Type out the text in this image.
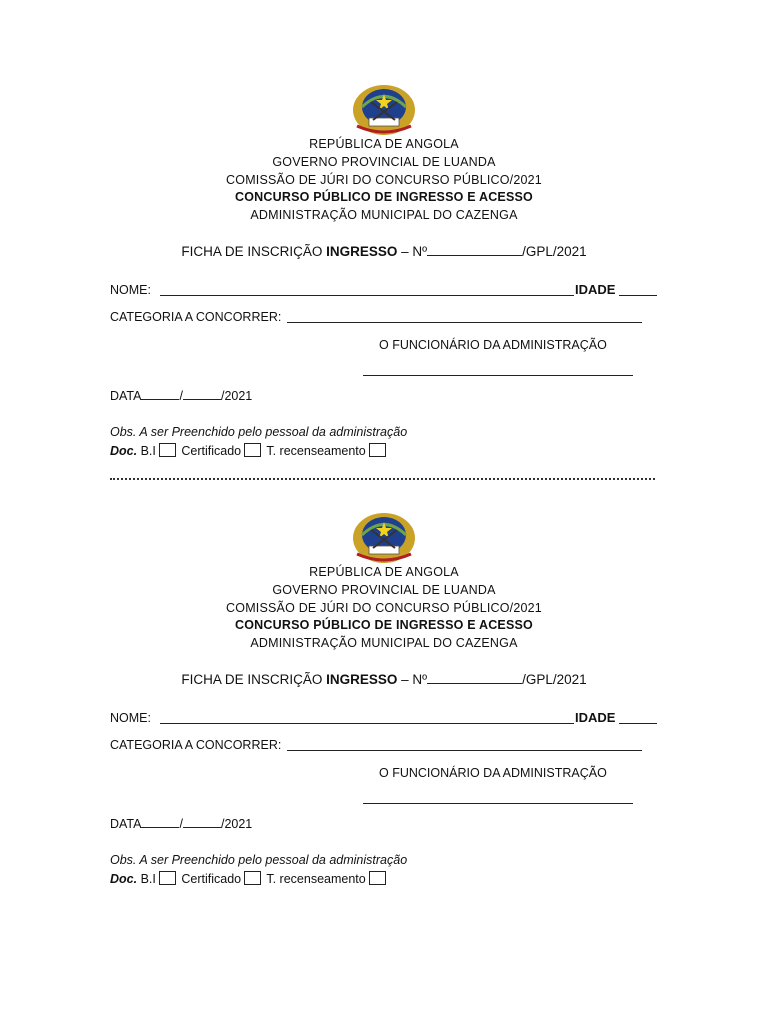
REPÚBLICA DE ANGOLA
GOVERNO PROVINCIAL DE LUANDA
COMISSÃO DE JÚRI DO CONCURSO PÚBLICO/2021
CONCURSO PÚBLICO DE INGRESSO E ACESSO
ADMINISTRAÇÃO MUNICIPAL DO CAZENGA
FICHA DE INSCRIÇÃO INGRESSO – Nº	/GPL/2021
NOME:	IDADE
CATEGORIA A CONCORRER:
O FUNCIONÁRIO DA ADMINISTRAÇÃO
DATA	/	/2021
Obs. A ser Preenchido pelo pessoal da administração
Doc. B.I Certificado T. recenseamento
REPÚBLICA DE ANGOLA
GOVERNO PROVINCIAL DE LUANDA
COMISSÃO DE JÚRI DO CONCURSO PÚBLICO/2021
CONCURSO PÚBLICO DE INGRESSO E ACESSO
ADMINISTRAÇÃO MUNICIPAL DO CAZENGA
FICHA DE INSCRIÇÃO INGRESSO – Nº	/GPL/2021
NOME:	IDADE
CATEGORIA A CONCORRER:
O FUNCIONÁRIO DA ADMINISTRAÇÃO
DATA	/	/2021
Obs. A ser Preenchido pelo pessoal da administração
Doc. B.I Certificado T. recenseamento
